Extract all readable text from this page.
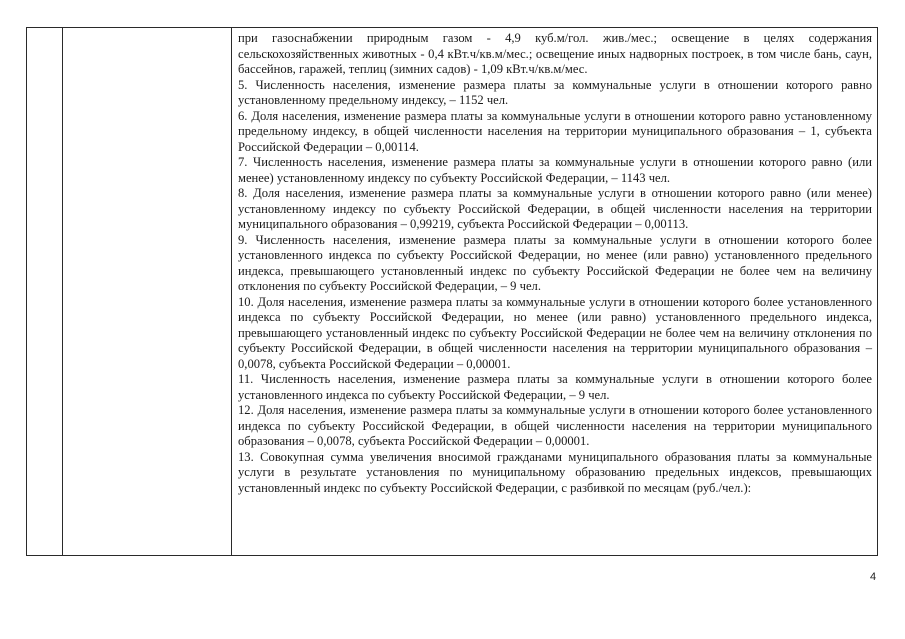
при газоснабжении природным газом - 4,9 куб.м/гол. жив./мес.; освещение в целях содержания сельскохозяйственных животных - 0,4 кВт.ч/кв.м/мес.; освещение иных надворных построек, в том числе бань, саун, бассейнов, гаражей, теплиц (зимних садов) - 1,09 кВт.ч/кв.м/мес.

5. Численность населения, изменение размера платы за коммунальные услуги в отношении которого равно установленному предельному индексу, – 1152 чел.

6. Доля населения, изменение размера платы за коммунальные услуги в отношении которого равно установленному предельному индексу, в общей численности населения на территории муниципального образования – 1, субъекта Российской Федерации – 0,00114.

7. Численность населения, изменение размера платы за коммунальные услуги в отношении которого равно (или менее) установленному индексу по субъекту Российской Федерации, – 1143 чел.

8. Доля населения, изменение размера платы за коммунальные услуги в отношении которого равно (или менее) установленному индексу по субъекту Российской Федерации, в общей численности населения на территории муниципального образования – 0,99219, субъекта Российской Федерации – 0,00113.

9. Численность населения, изменение размера платы за коммунальные услуги в отношении которого более установленного индекса по субъекту Российской Федерации, но менее (или равно) установленного предельного индекса, превышающего установленный индекс по субъекту Российской Федерации не более чем на величину отклонения по субъекту Российской Федерации, – 9 чел.

10. Доля населения, изменение размера платы за коммунальные услуги в отношении которого более установленного индекса по субъекту Российской Федерации, но менее (или равно) установленного предельного индекса, превышающего установленный индекс по субъекту Российской Федерации не более чем на величину отклонения по субъекту Российской Федерации, в общей численности населения на территории муниципального образования – 0,0078, субъекта Российской Федерации – 0,00001.

11. Численность населения, изменение размера платы за коммунальные услуги в отношении которого более установленного индекса по субъекту Российской Федерации, – 9 чел.

12. Доля населения, изменение размера платы за коммунальные услуги в отношении которого более установленного индекса по субъекту Российской Федерации, в общей численности населения на территории муниципального образования – 0,0078, субъекта Российской Федерации – 0,00001.

13. Совокупная сумма увеличения вносимой гражданами муниципального образования платы за коммунальные услуги в результате установления по муниципальному образованию предельных индексов, превышающих установленный индекс по субъекту Российской Федерации, с разбивкой по месяцам (руб./чел.):

4
